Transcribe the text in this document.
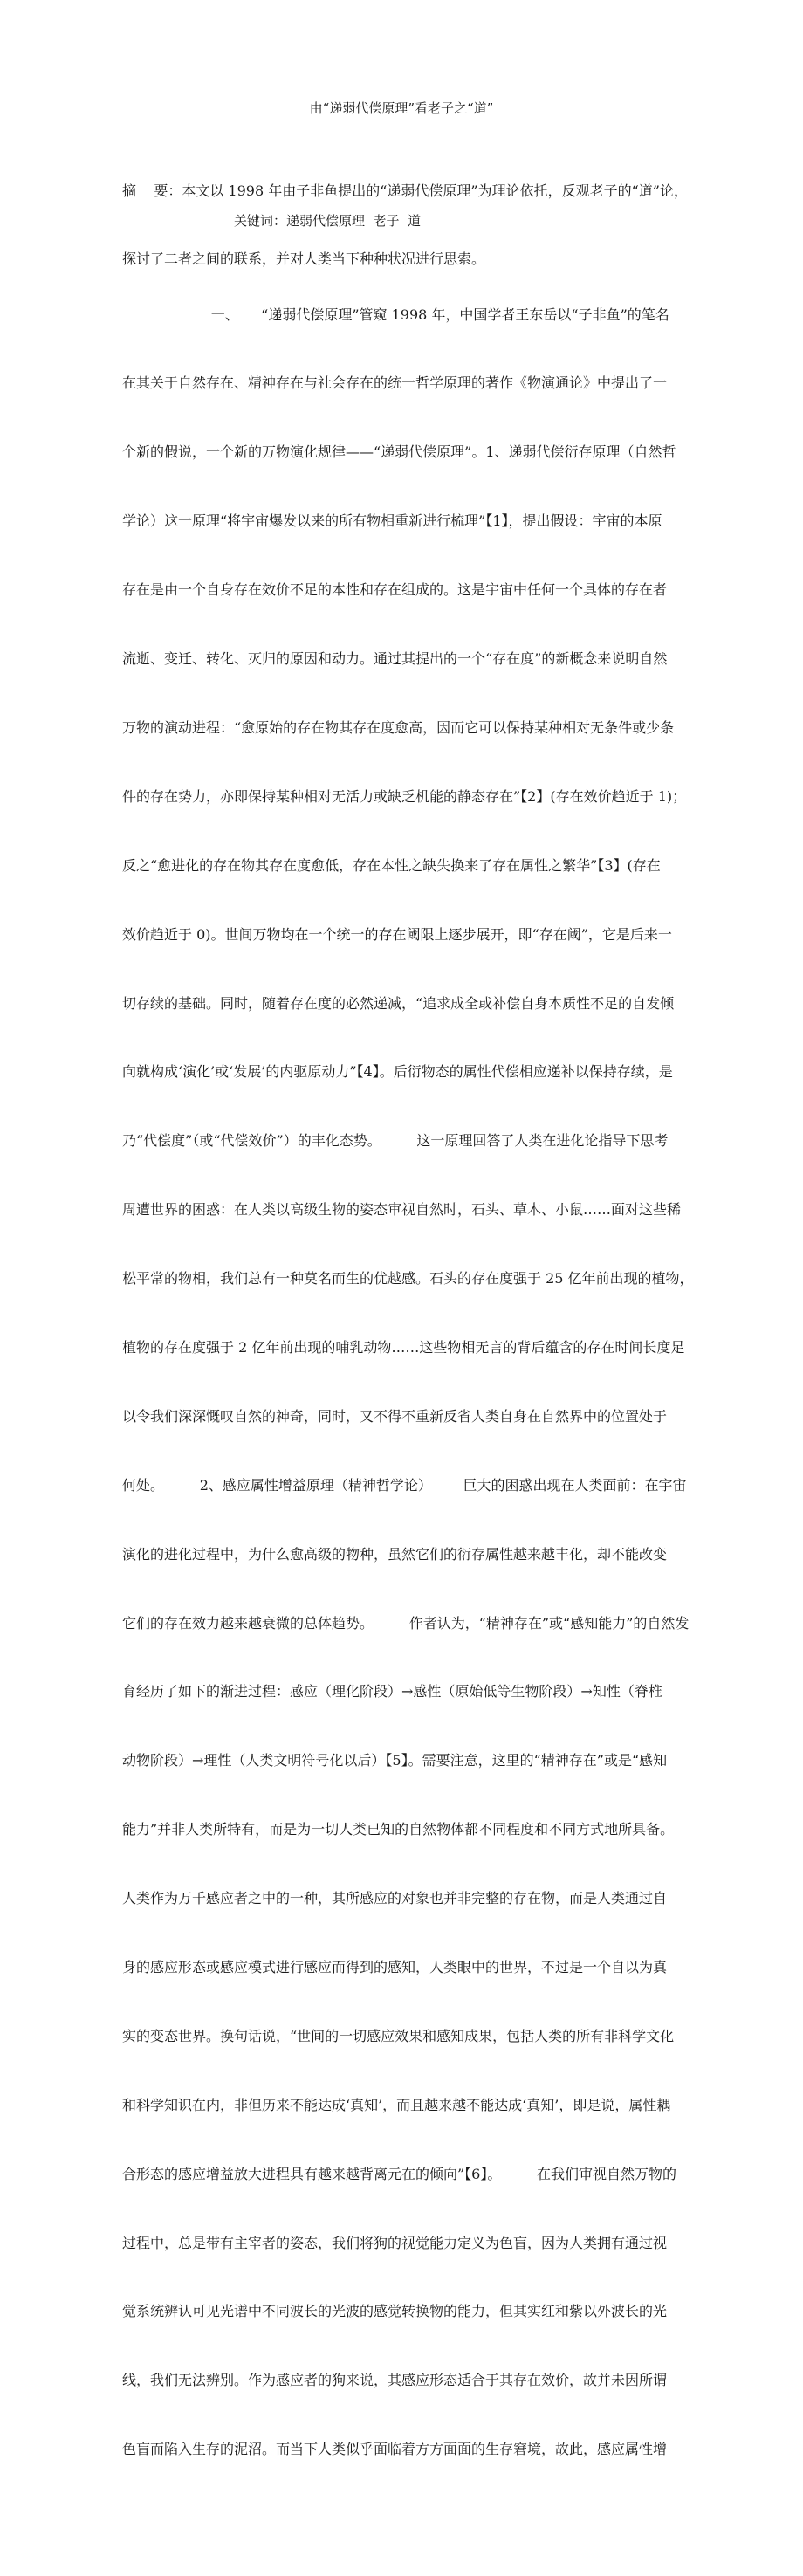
由“递弱代偿原理”看老子之“道”

摘    要：本文以 1998 年由子非鱼提出的“递弱代偿原理”为理论依托，反观老子的“道”论，

探讨了二者之间的联系，并对人类当下种种状况进行思索。

关键词：递弱代偿原理  老子  道

一、     “递弱代偿原理”管窥 1998 年，中国学者王东岳以“子非鱼”的笔名

在其关于自然存在、精神存在与社会存在的统一哲学原理的著作《物演通论》中提出了一

个新的假说，一个新的万物演化规律——“递弱代偿原理”。1、递弱代偿衍存原理（自然哲

学论）这一原理“将宇宙爆发以来的所有物相重新进行梳理”【1】，提出假设：宇宙的本原

存在是由一个自身存在效价不足的本性和存在组成的。这是宇宙中任何一个具体的存在者

流逝、变迁、转化、灭归的原因和动力。通过其提出的一个“存在度”的新概念来说明自然

万物的演动进程：“愈原始的存在物其存在度愈高，因而它可以保持某种相对无条件或少条

件的存在势力，亦即保持某种相对无活力或缺乏机能的静态存在”【2】(存在效价趋近于 1)；

反之“愈进化的存在物其存在度愈低，存在本性之缺失换来了存在属性之繁华”【3】(存在

效价趋近于 0)。世间万物均在一个统一的存在阈限上逐步展开，即“存在阈”，它是后来一

切存续的基础。同时，随着存在度的必然递减，“追求成全或补偿自身本质性不足的自发倾

向就构成‘演化’或‘发展’的内驱原动力”【4】。后衍物态的属性代偿相应递补以保持存续，是

乃“代偿度”（或“代偿效价”）的丰化态势。        这一原理回答了人类在进化论指导下思考

周遭世界的困惑：在人类以高级生物的姿态审视自然时，石头、草木、小鼠……面对这些稀

松平常的物相，我们总有一种莫名而生的优越感。石头的存在度强于 25 亿年前出现的植物，

植物的存在度强于 2 亿年前出现的哺乳动物……这些物相无言的背后蕴含的存在时间长度足

以令我们深深慨叹自然的神奇，同时，又不得不重新反省人类自身在自然界中的位置处于

何处。        2、感应属性增益原理（精神哲学论）       巨大的困惑出现在人类面前：在宇宙

演化的进化过程中，为什么愈高级的物种，虽然它们的衍存属性越来越丰化，却不能改变

它们的存在效力越来越衰微的总体趋势。        作者认为，“精神存在”或“感知能力”的自然发

育经历了如下的渐进过程：感应（理化阶段）→感性（原始低等生物阶段）→知性（脊椎

动物阶段）→理性（人类文明符号化以后）【5】。需要注意，这里的“精神存在”或是“感知

能力”并非人类所特有，而是为一切人类已知的自然物体都不同程度和不同方式地所具备。

人类作为万千感应者之中的一种，其所感应的对象也并非完整的存在物，而是人类通过自

身的感应形态或感应模式进行感应而得到的感知，人类眼中的世界，不过是一个自以为真

实的变态世界。换句话说，“世间的一切感应效果和感知成果，包括人类的所有非科学文化

和科学知识在内，非但历来不能达成‘真知’，而且越来越不能达成‘真知’，即是说，属性耦

合形态的感应增益放大进程具有越来越背离元在的倾向”【6】。        在我们审视自然万物的

过程中，总是带有主宰者的姿态，我们将狗的视觉能力定义为色盲，因为人类拥有通过视

觉系统辨认可见光谱中不同波长的光波的感觉转换物的能力，但其实红和紫以外波长的光

线，我们无法辨别。作为感应者的狗来说，其感应形态适合于其存在效价，故并未因所谓

色盲而陷入生存的泥沼。而当下人类似乎面临着方方面面的生存窘境，故此，感应属性增
